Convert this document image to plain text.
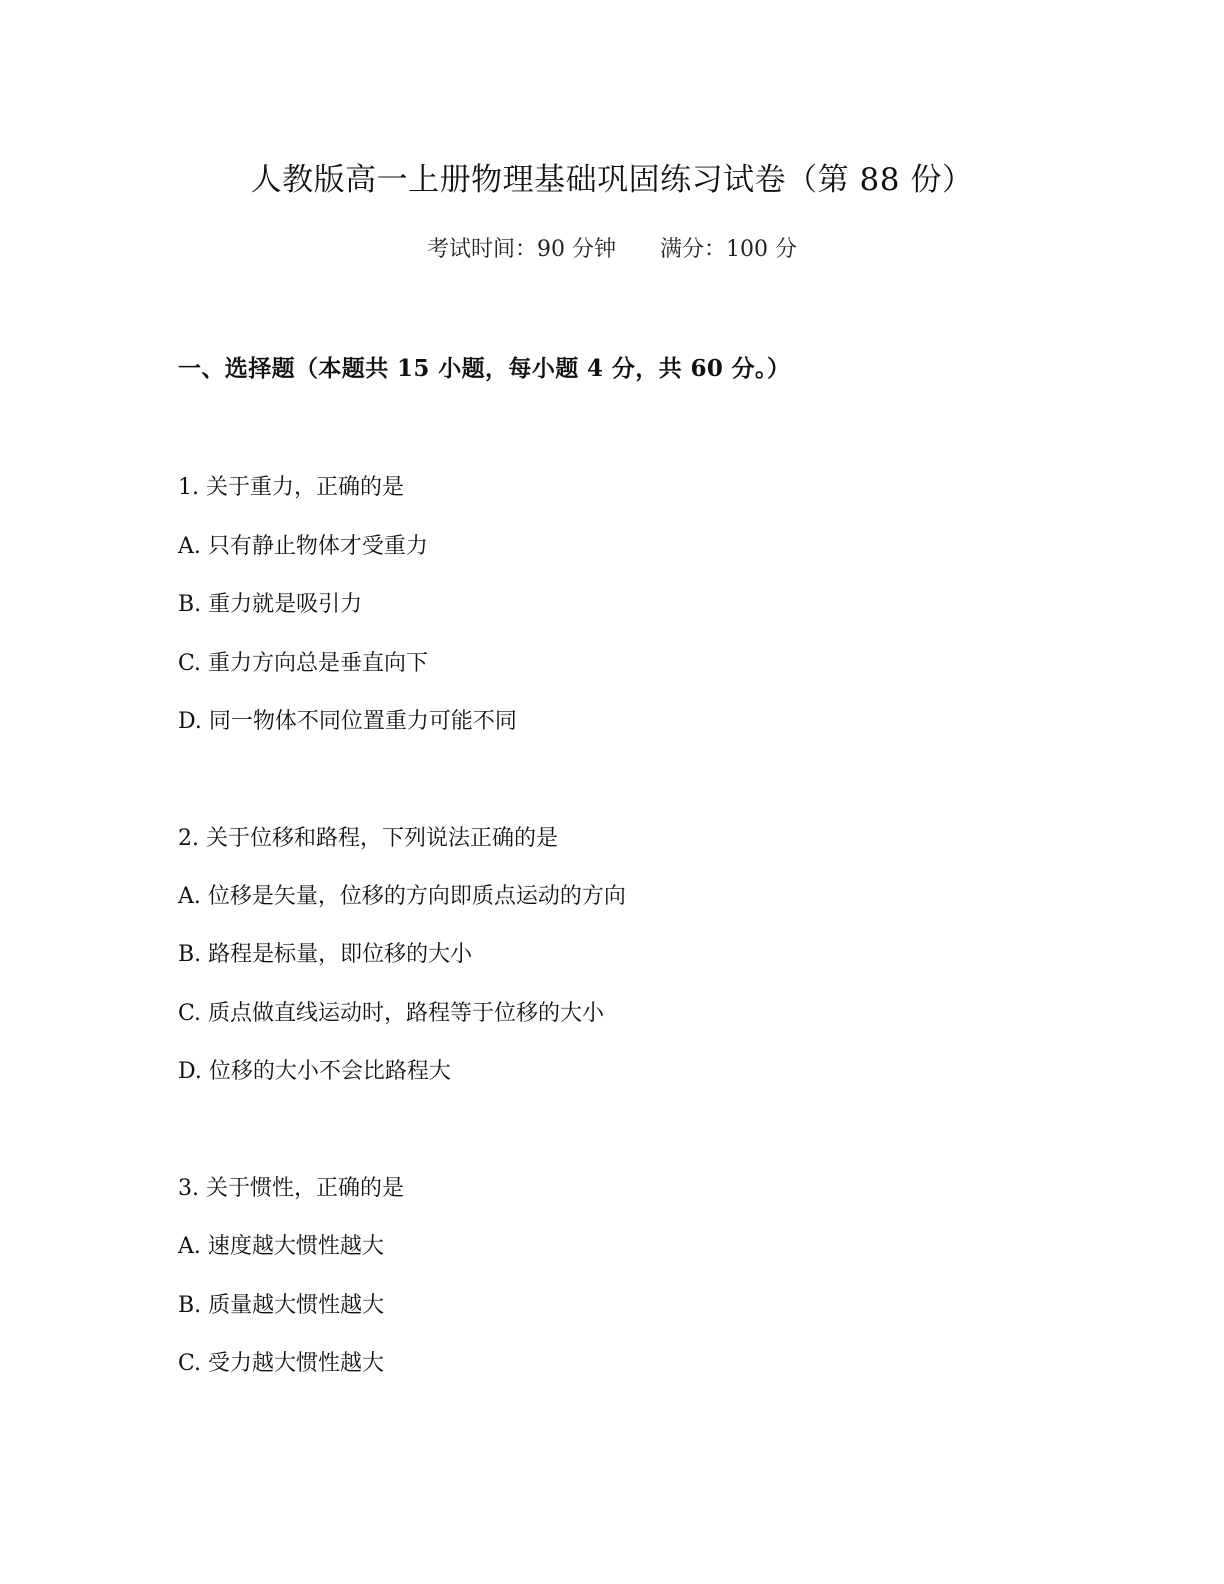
人教版高一上册物理基础巩固练习试卷（第 88 份）
考试时间：90 分钟 满分：100 分
一、选择题（本题共 15 小题，每小题 4 分，共 60 分。）
1. 关于重力，正确的是
A. 只有静止物体才受重力
B. 重力就是吸引力
C. 重力方向总是垂直向下
D. 同一物体不同位置重力可能不同
2. 关于位移和路程，下列说法正确的是
A. 位移是矢量，位移的方向即质点运动的方向
B. 路程是标量，即位移的大小
C. 质点做直线运动时，路程等于位移的大小
D. 位移的大小不会比路程大
3. 关于惯性，正确的是
A. 速度越大惯性越大
B. 质量越大惯性越大
C. 受力越大惯性越大
